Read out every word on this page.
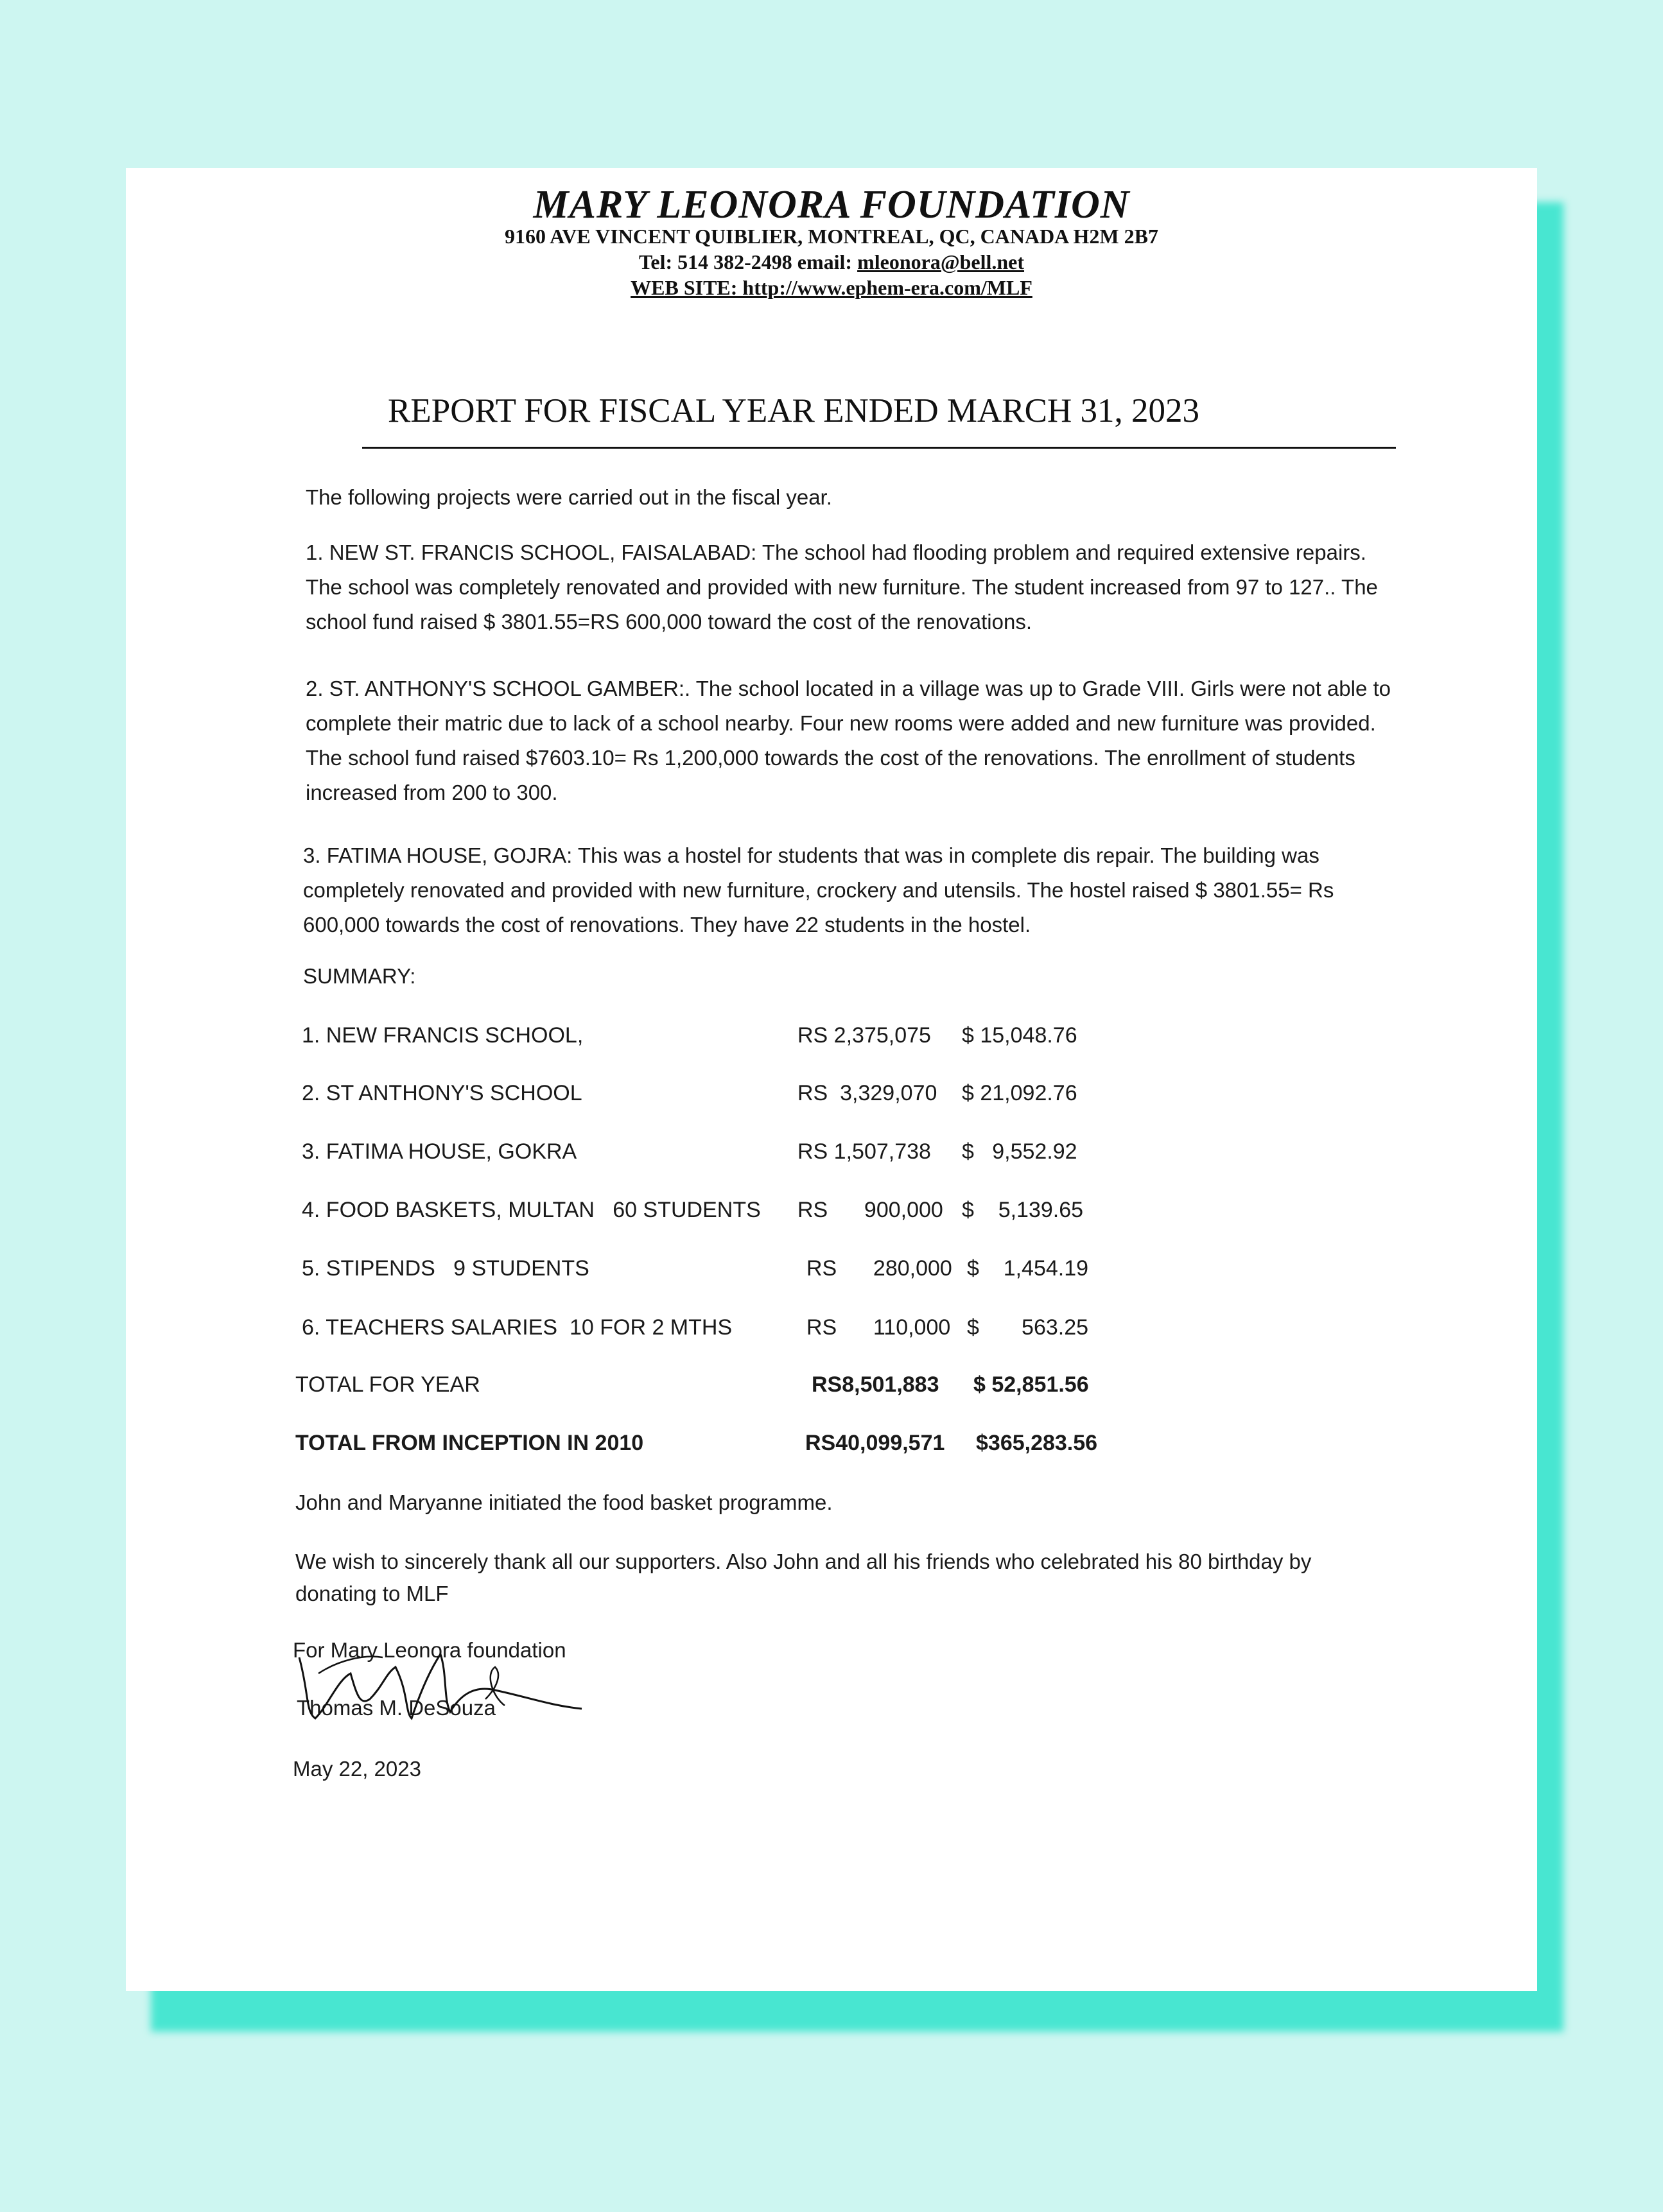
MARY LEONORA FOUNDATION
9160 AVE VINCENT QUIBLIER, MONTREAL, QC, CANADA H2M 2B7
Tel: 514 382-2498 email: mleonora@bell.net
WEB SITE: http://www.ephem-era.com/MLF
REPORT FOR FISCAL YEAR ENDED MARCH 31, 2023
The following projects were carried out in the fiscal year.
1. NEW ST. FRANCIS SCHOOL, FAISALABAD: The school had flooding problem and required extensive repairs. The school was completely renovated and provided with new furniture. The student increased from 97 to 127.. The school fund raised $ 3801.55=RS 600,000 toward the cost of the renovations.
2. ST. ANTHONY'S SCHOOL GAMBER:. The school located in a village was up to Grade VIII. Girls were not able to complete their matric due to lack of a school nearby. Four new rooms were added and new furniture was provided. The school fund raised $7603.10= Rs 1,200,000 towards the cost of the renovations. The enrollment of students increased from 200 to 300.
3. FATIMA HOUSE, GOJRA: This was a hostel for students that was in complete dis repair. The building was completely renovated and provided with new furniture, crockery and utensils. The hostel raised $ 3801.55= Rs 600,000 towards the cost of renovations. They have 22 students in the hostel.
SUMMARY:
1. NEW FRANCIS SCHOOL,	RS 2,375,075 $ 15,048.76
2. ST ANTHONY'S SCHOOL	RS  3,329,070 $ 21,092.76
3. FATIMA HOUSE, GOKRA	RS 1,507,738 $   9,552.92
4. FOOD BASKETS, MULTAN   60 STUDENTS RS      900,000 $    5,139.65
5. STIPENDS   9 STUDENTS	RS      280,000 $    1,454.19
6. TEACHERS SALARIES  10 FOR 2 MTHS	RS      110,000 $       563.25
TOTAL FOR YEAR	RS8,501,883 $ 52,851.56
TOTAL FROM INCEPTION IN 2010	RS40,099,571 $365,283.56
John and Maryanne initiated the food basket programme.
We wish to sincerely thank all our supporters. Also John and all his friends who celebrated his 80 birthday by donating to MLF
For Mary Leonora foundation
Thomas M. DeSouza
May 22, 2023
